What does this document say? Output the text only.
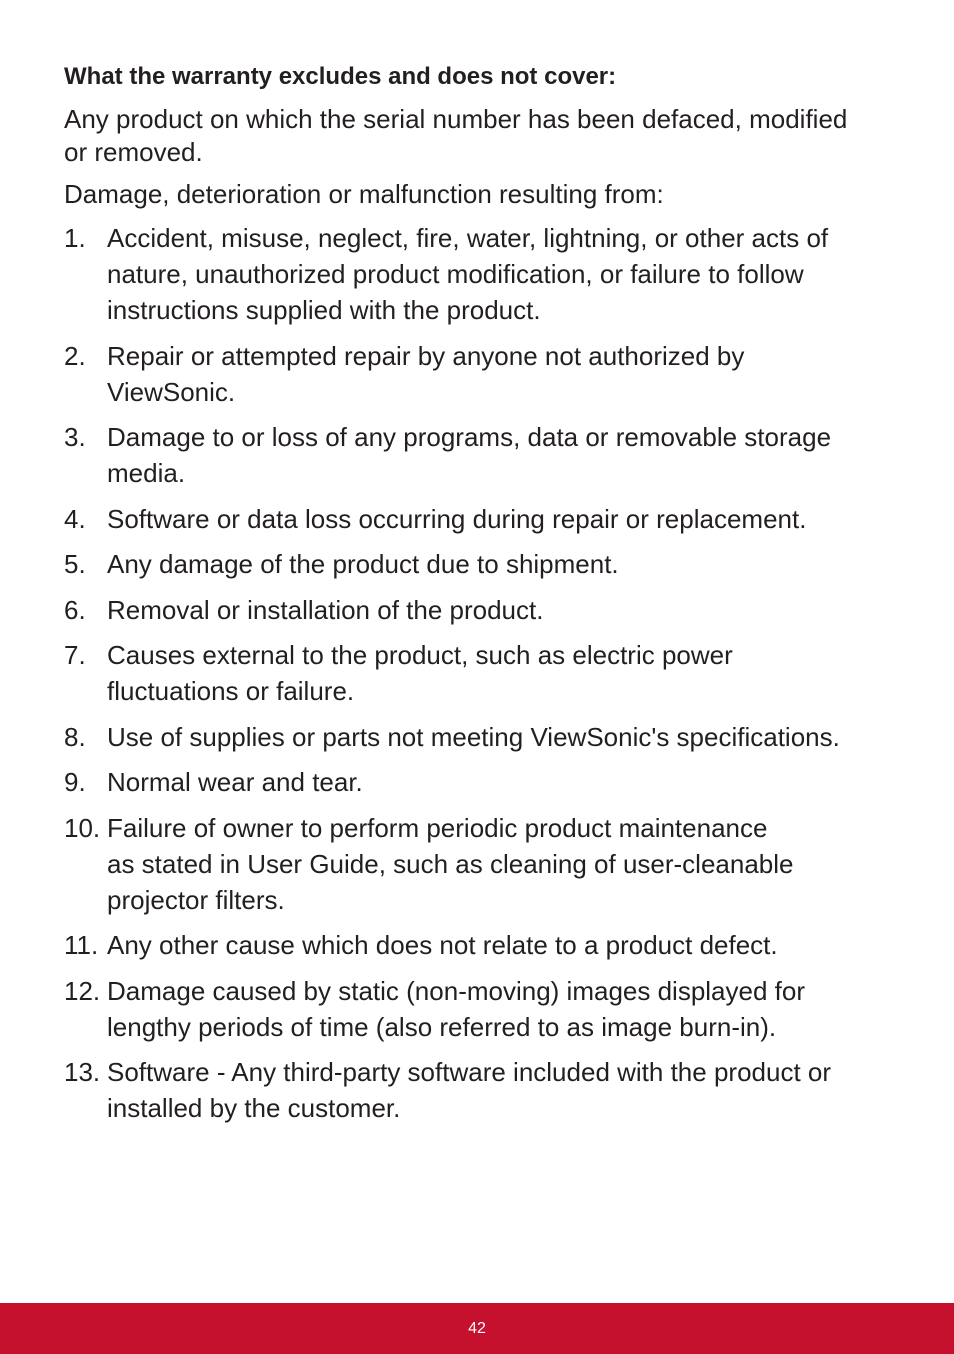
What the warranty excludes and does not cover:
Any product on which the serial number has been defaced, modified
or removed.
Damage, deterioration or malfunction resulting from:
1. Accident, misuse, neglect, fire, water, lightning, or other acts of
nature, unauthorized product modification, or failure to follow
instructions supplied with the product.
2. Repair or attempted repair by anyone not authorized by
ViewSonic.
3. Damage to or loss of any programs, data or removable storage
media.
4. Software or data loss occurring during repair or replacement.
5. Any damage of the product due to shipment.
6. Removal or installation of the product.
7. Causes external to the product, such as electric power
fluctuations or failure.
8. Use of supplies or parts not meeting ViewSonic's specifications.
9. Normal wear and tear.
10. Failure of owner to perform periodic product maintenance
as stated in User Guide, such as cleaning of user-cleanable
projector filters.
11. Any other cause which does not relate to a product defect.
12. Damage caused by static (non-moving) images displayed for
lengthy periods of time (also referred to as image burn-in).
13. Software - Any third-party software included with the product or
installed by the customer.
42
